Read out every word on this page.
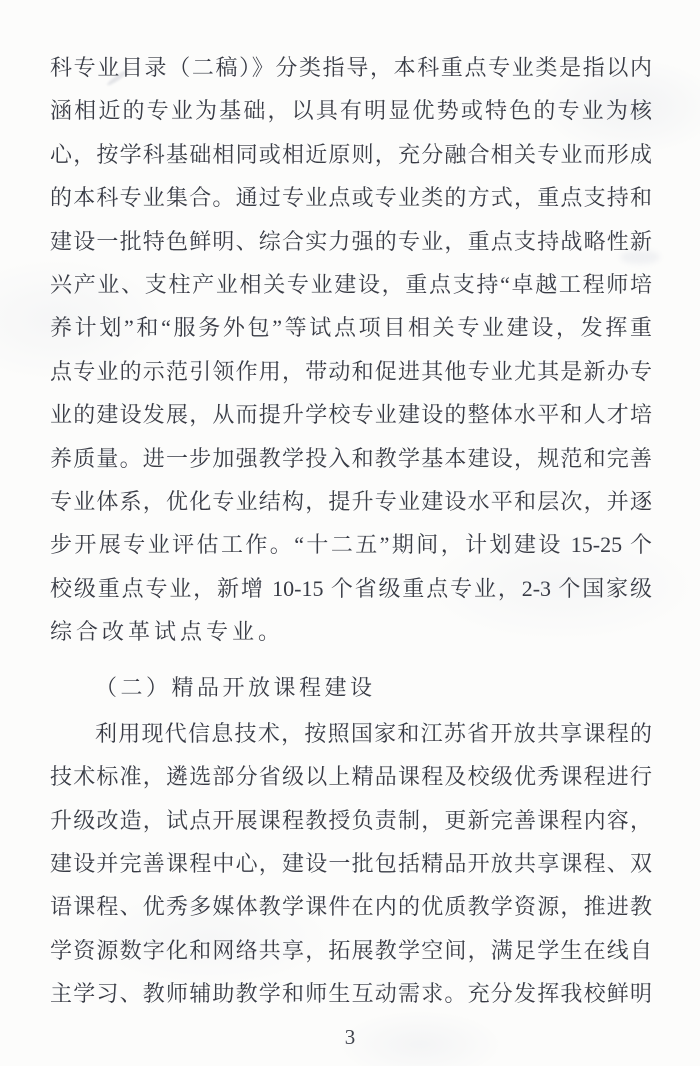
科专业目录（二稿）》分类指导，本科重点专业类是指以内
涵相近的专业为基础，以具有明显优势或特色的专业为核
心，按学科基础相同或相近原则，充分融合相关专业而形成
的本科专业集合。通过专业点或专业类的方式，重点支持和
建设一批特色鲜明、综合实力强的专业，重点支持战略性新
兴产业、支柱产业相关专业建设，重点支持“卓越工程师培
养计划”和“服务外包”等试点项目相关专业建设，发挥重
点专业的示范引领作用，带动和促进其他专业尤其是新办专
业的建设发展，从而提升学校专业建设的整体水平和人才培
养质量。进一步加强教学投入和教学基本建设，规范和完善
专业体系，优化专业结构，提升专业建设水平和层次，并逐
步开展专业评估工作。“十二五”期间，计划建设 15-25 个
校级重点专业，新增 10-15 个省级重点专业，2-3 个国家级
综合改革试点专业。
（二）精品开放课程建设
利用现代信息技术，按照国家和江苏省开放共享课程的
技术标准，遴选部分省级以上精品课程及校级优秀课程进行
升级改造，试点开展课程教授负责制，更新完善课程内容，
建设并完善课程中心，建设一批包括精品开放共享课程、双
语课程、优秀多媒体教学课件在内的优质教学资源，推进教
学资源数字化和网络共享，拓展教学空间，满足学生在线自
主学习、教师辅助教学和师生互动需求。充分发挥我校鲜明
3
